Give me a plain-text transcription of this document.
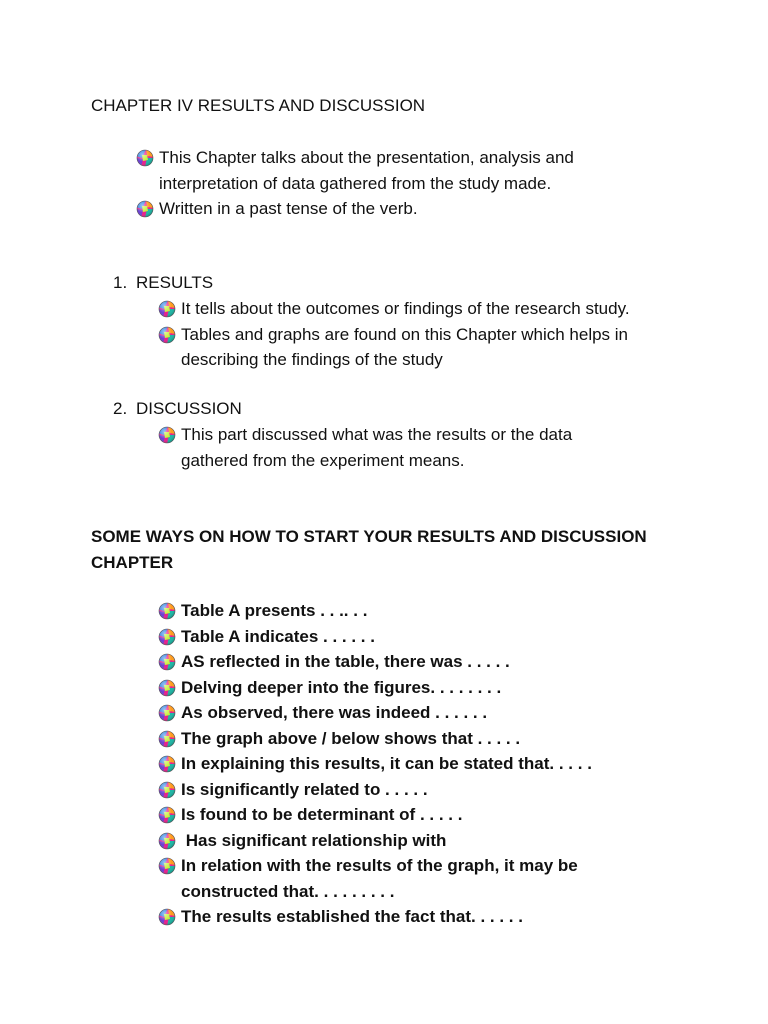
CHAPTER IV RESULTS AND DISCUSSION
This Chapter talks about the presentation, analysis and interpretation of data gathered from the study made.
Written in a past tense of the verb.
1. RESULTS
It tells about the outcomes or findings of the research study.
Tables and graphs are found on this Chapter which helps in describing the findings of the study
2. DISCUSSION
This part discussed what was the results or the data gathered from the experiment means.
SOME WAYS ON HOW TO START YOUR RESULTS AND DISCUSSION CHAPTER
Table A presents . . .. . .
Table A indicates . . . . . .
AS reflected in the table, there was . . . . .
Delving deeper into the figures. . . . . . . .
As observed, there was indeed . . . . . .
The graph above / below shows that . . . . .
In explaining this results, it can be stated that. . . . .
Is significantly related to . . . . .
Is found to be determinant of . . . . .
Has significant relationship with
In relation with the results of the graph, it may be constructed that. . . . . . . . .
The results established the fact that. . . . . .
